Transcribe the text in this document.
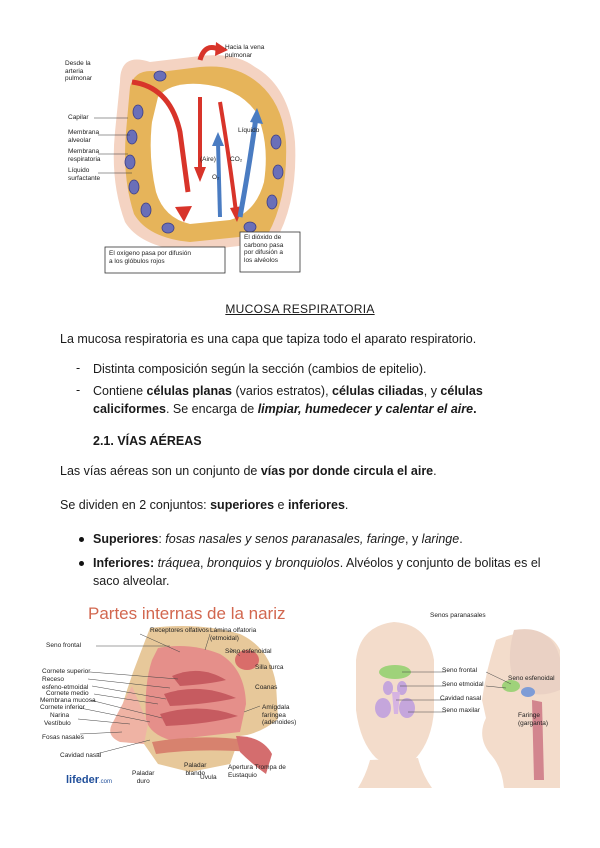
Desde la
arteria
pulmonar
Hacia la vena
pulmonar
Capilar
Membrana
alveolar
Membrana
respiratoria
Líquido
surfactante
Líquido
(Aire) CO₂
O₂
El oxígeno pasa por difusión
a los glóbulos rojos
El dióxido de
carbono pasa
por difusión a
los alvéolos
MUCOSA RESPIRATORIA
La mucosa respiratoria es una capa que tapiza todo el aparato respiratorio.
- Distinta composición según la sección (cambios de epitelio).
- Contiene células planas (varios estratos), células ciliadas, y células
caliciformes. Se encarga de limpiar, humedecer y calentar el aire.
2.1. VÍAS AÉREAS
Las vías aéreas son un conjunto de vías por donde circula el aire.
Se dividen en 2 conjuntos: superiores e inferiores.
Superiores: fosas nasales y senos paranasales, faringe, y laringe.
Inferiores: tráquea, bronquios y bronquiolos. Alvéolos y conjunto de bolitas es el
saco alveolar.
Partes internas de la nariz
Receptores olfativos Lámina olfatoria
(etmoidal)
Seno esfenoidal
Seno frontal
Silla turca
Cornete superior
Receso
esfeno-etmoidal
Cornete medio
Coanas
Membrana mucosa
Cornete inferior
Narina
Vestíbulo
Fosas nasales
Cavidad nasal
Amígdala
faríngea
(adenoides)
Paladar
blando
Paladar
duro	Úvula
Apertura Trompa de
Eustaquio
lifeder.com
Senos paranasales
Seno frontal
Seno etmoidal
Cavidad nasal
Seno maxilar
Seno esfenoidal
Faringe
(garganta)
